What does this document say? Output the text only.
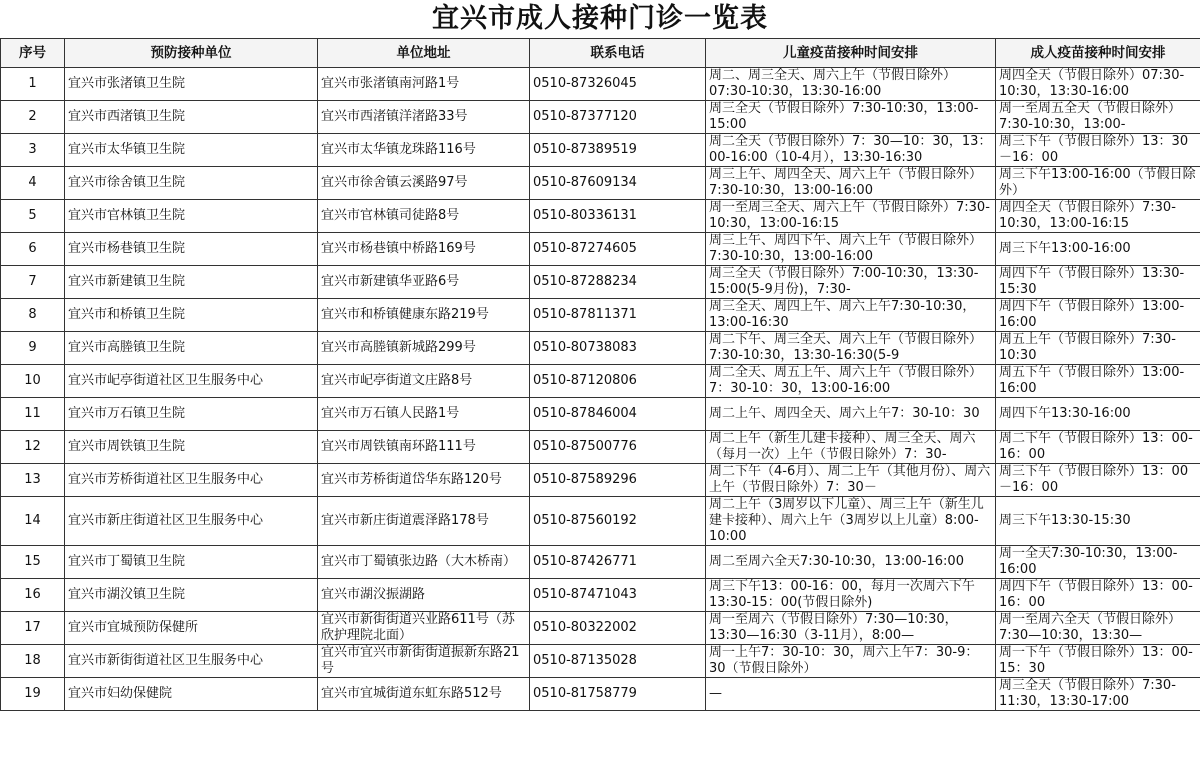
宜兴市成人接种门诊一览表
序号	预防接种单位	单位地址	联系电话	儿童疫苗接种时间安排	成人疫苗接种时间安排

1	宜兴市张渚镇卫生院	宜兴市张渚镇南河路1号	0510-87326045	周二、周三全天、周六上午（节假日除外）07:30-10:30，13:30-16:00	周四全天（节假日除外）07:30-10:30，13:30-16:00

2	宜兴市西渚镇卫生院	宜兴市西渚镇洋渚路33号	0510-87377120	周三全天（节假日除外）7:30-10:30，13:00-15:00	周一至周五全天（节假日除外）7:30-10:30，13:00-

3	宜兴市太华镇卫生院	宜兴市太华镇龙珠路116号	0510-87389519	周二全天（节假日除外）7：30—10：30，13：00-16:00（10-4月），13:30-16:30	周三下午（节假日除外）13：30－16：00

4	宜兴市徐舍镇卫生院	宜兴市徐舍镇云溪路97号	0510-87609134	周三上午、周四全天、周六上午（节假日除外）7:30-10:30，13:00-16:00	周三下午13:00-16:00（节假日除外）

5	宜兴市官林镇卫生院	宜兴市官林镇司徒路8号	0510-80336131	周一至周三全天、周六上午（节假日除外）7:30-10:30，13:00-16:15	周四全天（节假日除外）7:30-10:30，13:00-16:15

6	宜兴市杨巷镇卫生院	宜兴市杨巷镇中桥路169号	0510-87274605	周三上午、周四下午、周六上午（节假日除外）7:30-10:30，13:00-16:00	周三下午13:00-16:00

7	宜兴市新建镇卫生院	宜兴市新建镇华亚路6号	0510-87288234	周三全天（节假日除外）7:00-10:30，13:30-15:00(5-9月份)，7:30-	周四下午（节假日除外）13:30-15:30

8	宜兴市和桥镇卫生院	宜兴市和桥镇健康东路219号	0510-87811371	周三全天、周四上午、周六上午7:30-10:30，13:00-16:30	周四下午（节假日除外）13:00-16:00

9	宜兴市高塍镇卫生院	宜兴市高塍镇新城路299号	0510-80738083	周二下午、周三全天、周六上午（节假日除外）7:30-10:30，13:30-16:30(5-9	周五上午（节假日除外）7:30-10:30

10	宜兴市屺亭街道社区卫生服务中心	宜兴市屺亭街道文庄路8号	0510-87120806	周二全天、周五上午、周六上午（节假日除外）7：30-10：30，13:00-16:00	周五下午（节假日除外）13:00-16:00

11	宜兴市万石镇卫生院	宜兴市万石镇人民路1号	0510-87846004	周二上午、周四全天、周六上午7：30-10：30	周四下午13:30-16:00

12	宜兴市周铁镇卫生院	宜兴市周铁镇南环路111号	0510-87500776	周二上午（新生儿建卡接种）、周三全天、周六（每月一次）上午（节假日除外）7：30-	周二下午（节假日除外）13：00-16：00

13	宜兴市芳桥街道社区卫生服务中心	宜兴市芳桥街道岱华东路120号	0510-87589296	周二下午（4-6月）、周二上午（其他月份）、周六上午（节假日除外）7：30－	周三下午（节假日除外）13：00－16：00

14	宜兴市新庄街道社区卫生服务中心	宜兴市新庄街道震泽路178号	0510-87560192	周二上午（3周岁以下儿童）、周三上午（新生儿建卡接种）、周六上午（3周岁以上儿童）8:00-10:00	周三下午13:30-15:30

15	宜兴市丁蜀镇卫生院	宜兴市丁蜀镇张边路（大木桥南）	0510-87426771	周二至周六全天7:30-10:30，13:00-16:00	周一全天7:30-10:30，13:00-16:00

16	宜兴市湖㳇镇卫生院	宜兴市湖㳇振湖路	0510-87471043	周三下午13：00-16：00，每月一次周六下午13:30-15：00(节假日除外)	周四下午（节假日除外）13：00-16：00

17	宜兴市宜城预防保健所	宜兴市新街街道兴业路611号（苏欣护理院北面）	0510-80322002	周一至周六（节假日除外）7:30—10:30，13:30—16:30（3-11月），8:00—	周一至周六全天（节假日除外）7:30—10:30，13:30—

18	宜兴市新街街道社区卫生服务中心	宜兴市宜兴市新街街道振新东路21号	0510-87135028	周一上午7：30-10：30，周六上午7：30-9：30（节假日除外）	周一下午（节假日除外）13：00-15：30

19	宜兴市妇幼保健院	宜兴市宜城街道东虹东路512号	0510-81758779	—	周三全天（节假日除外）7:30-11:30，13:30-17:00
